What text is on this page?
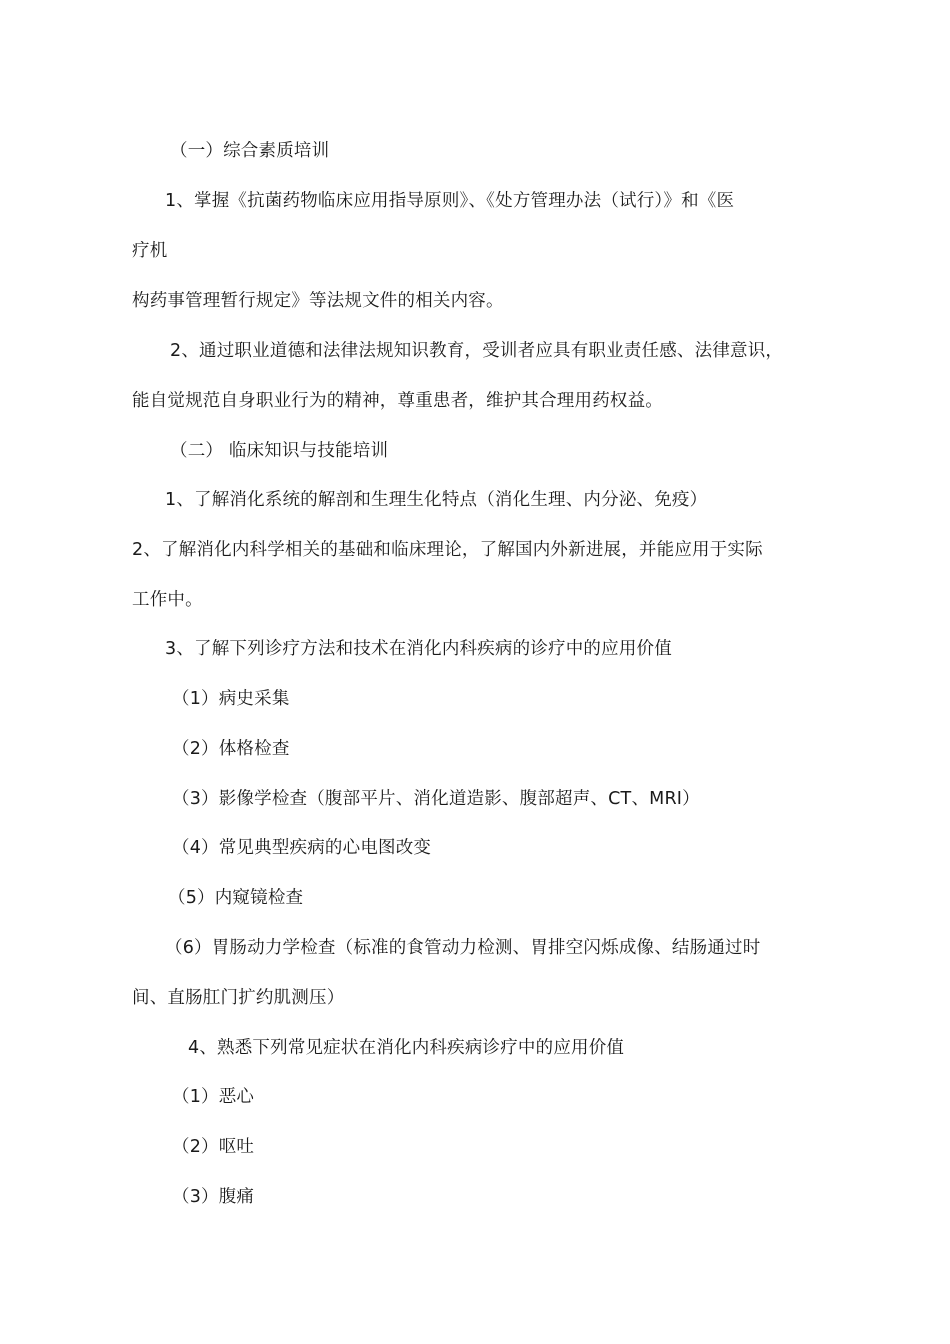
（一）综合素质培训
1、掌握《抗菌药物临床应用指导原则》、《处方管理办法（试行）》和《医
疗机
构药事管理暂行规定》等法规文件的相关内容。
2、通过职业道德和法律法规知识教育，受训者应具有职业责任感、法律意识，
能自觉规范自身职业行为的精神，尊重患者，维护其合理用药权益。
（二） 临床知识与技能培训
1、了解消化系统的解剖和生理生化特点（消化生理、内分泌、免疫）
2、了解消化内科学相关的基础和临床理论，了解国内外新进展，并能应用于实际
工作中。
3、了解下列诊疗方法和技术在消化内科疾病的诊疗中的应用价值
（1）病史采集
（2）体格检查
（3）影像学检查（腹部平片、消化道造影、腹部超声、CT、MRI）
（4）常见典型疾病的心电图改变
（5）内窥镜检查
（6）胃肠动力学检查（标准的食管动力检测、胃排空闪烁成像、结肠通过时
间、直肠肛门扩约肌测压）
4、熟悉下列常见症状在消化内科疾病诊疗中的应用价值
（1）恶心
（2）呕吐
（3）腹痛
